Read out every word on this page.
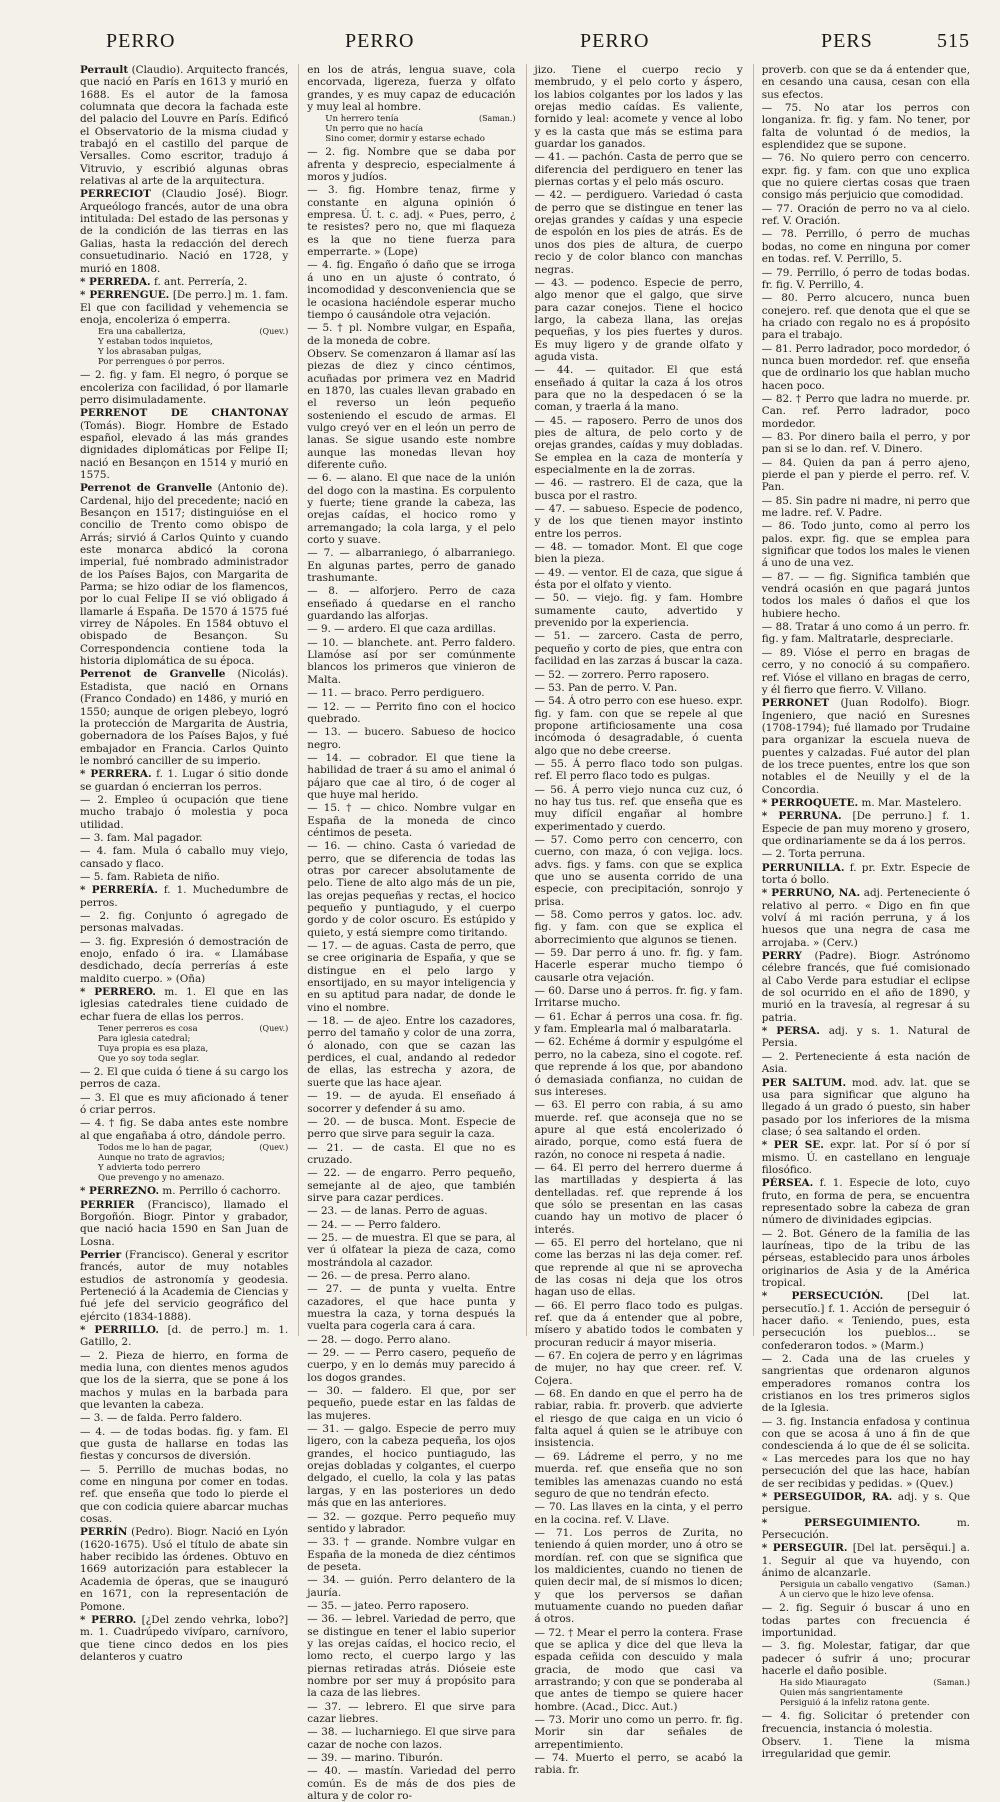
PERRO	PERRO	PERRO	PERS	515

Perrault (Claudio). Arquitecto francés, que nació en París en 1613 y murió en 1688. Es el autor de la famosa columnata que decora la fachada este del palacio del Louvre en París. Edificó el Observatorio de la misma ciudad y trabajó en el castillo del parque de Versalles. Como escritor, tradujo á Vitruvio, y escribió algunas obras relativas al arte de la arquitectura.

PERRECIOT (Claudio José). Biogr. Arqueólogo francés, autor de una obra intitulada: Del estado de las personas y de la condición de las tierras en las Galias, hasta la redacción del derech consuetudinario. Nació en 1728, y murió en 1808.

* PERREDA. f. ant. Perrería, 2.

* PERRENGUE. [De perro.] m. 1. fam. El que con facilidad y vehemencia se enoja, encoleriza ó emperra.

(Quev.)
Era una caballeriza,
Y estaban todos inquietos,
Y los abrasaban pulgas,
Por perrengues ó por perros.

— 2. fig. y fam. El negro, ó porque se encoleriza con facilidad, ó por llamarle perro disimuladamente.

PERRENOT DE CHANTONAY (Tomás). Biogr. Hombre de Estado español, elevado á las más grandes dignidades diplomáticas por Felipe II; nació en Besançon en 1514 y murió en 1575.

Perrenot de Granvelle (Antonio de). Cardenal, hijo del precedente; nació en Besançon en 1517; distinguióse en el concilio de Trento como obispo de Arrás; sirvió á Carlos Quinto y cuando este monarca abdicó la corona imperial, fué nombrado administrador de los Países Bajos, con Margarita de Parma; se hizo odiar de los flamencos, por lo cual Felipe II se vió obligado á llamarle á España. De 1570 á 1575 fué virrey de Nápoles. En 1584 obtuvo el obispado de Besançon. Su Correspondencia contiene toda la historia diplomática de su época.

Perrenot de Granvelle (Nicolás). Estadista, que nació en Ornans (Franco Condado) en 1486, y murió en 1550; aunque de origen plebeyo, logró la protección de Margarita de Austria, gobernadora de los Países Bajos, y fué embajador en Francia. Carlos Quinto le nombró canciller de su imperio.

* PERRERA. f. 1. Lugar ó sitio donde se guardan ó encierran los perros.

— 2. Empleo ú ocupación que tiene mucho trabajo ó molestia y poca utilidad.

— 3. fam. Mal pagador.

— 4. fam. Mula ó caballo muy viejo, cansado y flaco.

— 5. fam. Rabieta de niño.

* PERRERÍA. f. 1. Muchedumbre de perros.

— 2. fig. Conjunto ó agregado de personas malvadas.

— 3. fig. Expresión ó demostración de enojo, enfado ó ira. « Llamábase desdichado, decía perrerías á este maldito cuerpo. » (Oña)

* PERRERO. m. 1. El que en las iglesias catedrales tiene cuidado de echar fuera de ellas los perros.

(Quev.)
Tener perreros es cosa
Para iglesia catedral;
Tuya propia es esa plaza,
Que yo soy toda seglar.

— 2. El que cuida ó tiene á su cargo los perros de caza.

— 3. El que es muy aficionado á tener ó criar perros.

— 4. † fig. Se daba antes este nombre al que engañaba á otro, dándole perro.

(Quev.)
Todos me lo han de pagar,
Aunque no trato de agravios;
Y advierta todo perrero
Que prevengo y no amenazo.

* PERREZNO. m. Perrillo ó cachorro.

PERRIER (Francisco), llamado el Borgoñón. Biogr. Pintor y grabador, que nació hacia 1590 en San Juan de Losna.

Perrier (Francisco). General y escritor francés, autor de muy notables estudios de astronomía y geodesia. Perteneció á la Academia de Ciencias y fué jefe del servicio geográfico del ejército (1834-1888).

* PERRILLO. [d. de perro.] m. 1. Gatillo, 2.

— 2. Pieza de hierro, en forma de media luna, con dientes menos agudos que los de la sierra, que se pone á los machos y mulas en la barbada para que levanten la cabeza.

— 3. — de falda. Perro faldero.

— 4. — de todas bodas. fig. y fam. El que gusta de hallarse en todas las fiestas y concursos de diversión.

— 5. Perrillo de muchas bodas, no come en ninguna por comer en todas. ref. que enseña que todo lo pierde el que con codicia quiere abarcar muchas cosas.

PERRÍN (Pedro). Biogr. Nació en Lyón (1620-1675). Usó el título de abate sin haber recibido las órdenes. Obtuvo en 1669 autorización para establecer la Academia de óperas, que se inauguró en 1671, con la representación de Pomone.

* PERRO. [¿Del zendo vehrka, lobo?] m. 1. Cuadrúpedo vivíparo, carnívoro, que tiene cinco dedos en los pies delanteros y cuatro

en los de atrás, lengua suave, cola encorvada, ligereza, fuerza y olfato grandes, y es muy capaz de educación y muy leal al hombre.

(Saman.)
Un herrero tenía
Un perro que no hacía
Sino comer, dormir y estarse echado

— 2. fig. Nombre que se daba por afrenta y desprecio, especialmente á moros y judíos.

— 3. fig. Hombre tenaz, firme y constante en alguna opinión ó empresa. Ú. t. c. adj. « Pues, perro, ¿ te resistes? pero no, que mi flaqueza es la que no tiene fuerza para emperrarte. » (Lope)

— 4. fig. Engaño ó daño que se irroga á uno en un ajuste ó contrato, ó incomodidad y desconveniencia que se le ocasiona haciéndole esperar mucho tiempo ó causándole otra vejación.

— 5. † pl. Nombre vulgar, en España, de la moneda de cobre.

Observ. Se comenzaron á llamar así las piezas de diez y cinco céntimos, acuñadas por primera vez en Madrid en 1870, las cuales llevan grabado en el reverso un león pequeño sosteniendo el escudo de armas. El vulgo creyó ver en el león un perro de lanas. Se sigue usando este nombre aunque las monedas llevan hoy diferente cuño.

— 6. — alano. El que nace de la unión del dogo con la mastina. Es corpulento y fuerte; tiene grande la cabeza, las orejas caídas, el hocico romo y arremangado; la cola larga, y el pelo corto y suave.

— 7. — albarraniego, ó albarraniego. En algunas partes, perro de ganado trashumante.

— 8. — alforjero. Perro de caza enseñado á quedarse en el rancho guardando las alforjas.

— 9. — ardero. El que caza ardillas.

— 10. — blanchete. ant. Perro faldero. Llamóse así por ser comúnmente blancos los primeros que vinieron de Malta.

— 11. — braco. Perro perdiguero.

— 12. — — Perrito fino con el hocico quebrado.

— 13. — bucero. Sabueso de hocico negro.

— 14. — cobrador. El que tiene la habilidad de traer á su amo el animal ó pájaro que cae al tiro, ó de coger al que huye mal herido.

— 15. † — chico. Nombre vulgar en España de la moneda de cinco céntimos de peseta.

— 16. — chino. Casta ó variedad de perro, que se diferencia de todas las otras por carecer absolutamente de pelo. Tiene de alto algo más de un pie, las orejas pequeñas y rectas, el hocico pequeño y puntiagudo, y el cuerpo gordo y de color oscuro. Es estúpido y quieto, y está siempre como tiritando.

— 17. — de aguas. Casta de perro, que se cree originaria de España, y que se distingue en el pelo largo y ensortijado, en su mayor inteligencia y en su aptitud para nadar, de donde le vino el nombre.

— 18. — de ajeo. Entre los cazadores, perro del tamaño y color de una zorra, ó alonado, con que se cazan las perdices, el cual, andando al rededor de ellas, las estrecha y azora, de suerte que las hace ajear.

— 19. — de ayuda. El enseñado á socorrer y defender á su amo.

— 20. — de busca. Mont. Especie de perro que sirve para seguir la caza.

— 21. — de casta. El que no es cruzado.

— 22. — de engarro. Perro pequeño, semejante al de ajeo, que también sirve para cazar perdices.

— 23. — de lanas. Perro de aguas.

— 24. — — Perro faldero.

— 25. — de muestra. El que se para, al ver ú olfatear la pieza de caza, como mostrándola al cazador.

— 26. — de presa. Perro alano.

— 27. — de punta y vuelta. Entre cazadores, el que hace punta y muestra la caza, y torna después la vuelta para cogerla cara á cara.

— 28. — dogo. Perro alano.

— 29. — — Perro casero, pequeño de cuerpo, y en lo demás muy parecido á los dogos grandes.

— 30. — faldero. El que, por ser pequeño, puede estar en las faldas de las mujeres.

— 31. — galgo. Especie de perro muy ligero, con la cabeza pequeña, los ojos grandes, el hocico puntiagudo, las orejas dobladas y colgantes, el cuerpo delgado, el cuello, la cola y las patas largas, y en las posteriores un dedo más que en las anteriores.

— 32. — gozque. Perro pequeño muy sentido y labrador.

— 33. † — grande. Nombre vulgar en España de la moneda de diez céntimos de peseta.

— 34. — guión. Perro delantero de la jauría.

— 35. — jateo. Perro raposero.

— 36. — lebrel. Variedad de perro, que se distingue en tener el labio superior y las orejas caídas, el hocico recio, el lomo recto, el cuerpo largo y las piernas retiradas atrás. Dióseie este nombre por ser muy á propósito para la caza de las liebres.

— 37. — lebrero. El que sirve para cazar liebres.

— 38. — lucharniego. El que sirve para cazar de noche con lazos.

— 39. — marino. Tiburón.

— 40. — mastín. Variedad del perro común. Es de más de dos pies de altura y de color ro-

jizo. Tiene el cuerpo recio y membrudo, y el pelo corto y áspero, los labios colgantes por los lados y las orejas medio caídas. Es valiente, fornido y leal: acomete y vence al lobo y es la casta que más se estima para guardar los ganados.

— 41. — pachón. Casta de perro que se diferencia del perdiguero en tener las piernas cortas y el pelo más oscuro.

— 42. — perdiguero. Variedad ó casta de perro que se distingue en tener las orejas grandes y caídas y una especie de espolón en los pies de atrás. Es de unos dos pies de altura, de cuerpo recio y de color blanco con manchas negras.

— 43. — podenco. Especie de perro, algo menor que el galgo, que sirve para cazar conejos. Tiene el hocico largo, la cabeza llana, las orejas pequeñas, y los pies fuertes y duros. Es muy ligero y de grande olfato y aguda vista.

— 44. — quitador. El que está enseñado á quitar la caza á los otros para que no la despedacen ó se la coman, y traerla á la mano.

— 45. — raposero. Perro de unos dos pies de altura, de pelo corto y de orejas grandes, caídas y muy dobladas. Se emplea en la caza de montería y especialmente en la de zorras.

— 46. — rastrero. El de caza, que la busca por el rastro.

— 47. — sabueso. Especie de podenco, y de los que tienen mayor instinto entre los perros.

— 48. — tomador. Mont. El que coge bien la pieza.

— 49. — ventor. El de caza, que sigue á ésta por el olfato y viento.

— 50. — viejo. fig. y fam. Hombre sumamente cauto, advertido y prevenido por la experiencia.

— 51. — zarcero. Casta de perro, pequeño y corto de pies, que entra con facilidad en las zarzas á buscar la caza.

— 52. — zorrero. Perro raposero.

— 53. Pan de perro. V. Pan.

— 54. Á otro perro con ese hueso. expr. fig. y fam. con que se repele al que propone artificiosamente una cosa incómoda ó desagradable, ó cuenta algo que no debe creerse.

— 55. Á perro flaco todo son pulgas. ref. El perro flaco todo es pulgas.

— 56. Á perro viejo nunca cuz cuz, ó no hay tus tus. ref. que enseña que es muy difícil engañar al hombre experimentado y cuerdo.

— 57. Como perro con cencerro, con cuerno, con maza, ó con vejiga. locs. advs. figs. y fams. con que se explica que uno se ausenta corrido de una especie, con precipitación, sonrojo y prisa.

— 58. Como perros y gatos. loc. adv. fig. y fam. con que se explica el aborrecimiento que algunos se tienen.

— 59. Dar perro á uno. fr. fig. y fam. Hacerle esperar mucho tiempo ó causarle otra vejación.

— 60. Darse uno á perros. fr. fig. y fam. Irritarse mucho.

— 61. Echar á perros una cosa. fr. fig. y fam. Emplearla mal ó malbaratarla.

— 62. Echéme á dormir y espulgóme el perro, no la cabeza, sino el cogote. ref. que reprende á los que, por abandono ó demasiada confianza, no cuidan de sus intereses.

— 63. El perro con rabia, á su amo muerde. ref. que aconseja que no se apure al que está encolerizado ó airado, porque, como está fuera de razón, no conoce ni respeta á nadie.

— 64. El perro del herrero duerme á las martilladas y despierta á las dentelladas. ref. que reprende á los que sólo se presentan en las casas cuando hay un motivo de placer ó interés.

— 65. El perro del hortelano, que ni come las berzas ni las deja comer. ref. que reprende al que ni se aprovecha de las cosas ni deja que los otros hagan uso de ellas.

— 66. El perro flaco todo es pulgas. ref. que da á entender que al pobre, mísero y abatido todos le combaten y procuran reducir á mayor miseria.

— 67. En cojera de perro y en lágrimas de mujer, no hay que creer. ref. V. Cojera.

— 68. En dando en que el perro ha de rabiar, rabia. fr. proverb. que advierte el riesgo de que caiga en un vicio ó falta aquel á quien se le atribuye con insistencia.

— 69. Ládreme el perro, y no me muerda. ref. que enseña que no son temibles las amenazas cuando no está seguro de que no tendrán efecto.

— 70. Las llaves en la cinta, y el perro en la cocina. ref. V. Llave.

— 71. Los perros de Zurita, no teniendo á quien morder, uno á otro se mordían. ref. con que se significa que los maldicientes, cuando no tienen de quien decir mal, de sí mismos lo dicen; y que los perversos se dañan mutuamente cuando no pueden dañar á otros.

— 72. † Mear el perro la contera. Frase que se aplica y dice del que lleva la espada ceñida con descuido y mala gracia, de modo que casi va arrastrando; y con que se ponderaba al que antes de tiempo se quiere hacer hombre. (Acad., Dicc. Aut.)

— 73. Morir uno como un perro. fr. fig. Morir sin dar señales de arrepentimiento.

— 74. Muerto el perro, se acabó la rabia. fr.

proverb. con que se da á entender que, en cesando una causa, cesan con ella sus efectos.

— 75. No atar los perros con longaniza. fr. fig. y fam. No tener, por falta de voluntad ó de medios, la esplendidez que se supone.

— 76. No quiero perro con cencerro. expr. fig. y fam. con que uno explica que no quiere ciertas cosas que traen consigo más perjuicio que comodidad.

— 77. Oración de perro no va al cielo. ref. V. Oración.

— 78. Perrillo, ó perro de muchas bodas, no come en ninguna por comer en todas. ref. V. Perrillo, 5.

— 79. Perrillo, ó perro de todas bodas. fr. fig. V. Perrillo, 4.

— 80. Perro alcucero, nunca buen conejero. ref. que denota que el que se ha criado con regalo no es á propósito para el trabajo.

— 81. Perro ladrador, poco mordedor, ó nunca buen mordedor. ref. que enseña que de ordinario los que hablan mucho hacen poco.

— 82. † Perro que ladra no muerde. pr. Can. ref. Perro ladrador, poco mordedor.

— 83. Por dinero baila el perro, y por pan si se lo dan. ref. V. Dinero.

— 84. Quien da pan á perro ajeno, pierde el pan y pierde el perro. ref. V. Pan.

— 85. Sin padre ni madre, ni perro que me ladre. ref. V. Padre.

— 86. Todo junto, como al perro los palos. expr. fig. que se emplea para significar que todos los males le vienen á uno de una vez.

— 87. — — fig. Significa también que vendrá ocasión en que pagará juntos todos los males ó daños el que los hubiere hecho.

— 88. Tratar á uno como á un perro. fr. fig. y fam. Maltratarle, despreciarle.

— 89. Vióse el perro en bragas de cerro, y no conoció á su compañero. ref. Vióse el villano en bragas de cerro, y él fierro que fierro. V. Villano.

PERRONET (Juan Rodolfo). Biogr. Ingeniero, que nació en Suresnes (1708-1794); fué llamado por Trudaine para organizar la escuela nueva de puentes y calzadas. Fué autor del plan de los trece puentes, entre los que son notables el de Neuilly y el de la Concordia.

* PERROQUETE. m. Mar. Mastelero.

* PERRUNA. [De perruno.] f. 1. Especie de pan muy moreno y grosero, que ordinariamente se da á los perros.

— 2. Torta perruna.

PERRUNILLA. f. pr. Extr. Especie de torta ó bollo.

* PERRUNO, NA. adj. Perteneciente ó relativo al perro. « Digo en fin que volví á mi ración perruna, y á los huesos que una negra de casa me arrojaba. » (Cerv.)

PERRY (Padre). Biogr. Astrónomo célebre francés, que fué comisionado al Cabo Verde para estudiar el eclipse de sol ocurrido en el año de 1890, y murió en la travesía, al regresar á su patria.

* PERSA. adj. y s. 1. Natural de Persia.

— 2. Perteneciente á esta nación de Asia.

PER SALTUM. mod. adv. lat. que se usa para significar que alguno ha llegado á un grado ó puesto, sin haber pasado por los inferiores de la misma clase; ó sea saltando el orden.

* PER SE. expr. lat. Por sí ó por sí mismo. Ú. en castellano en lenguaje filosófico.

PÉRSEA. f. 1. Especie de loto, cuyo fruto, en forma de pera, se encuentra representado sobre la cabeza de gran número de divinidades egipcias.

— 2. Bot. Género de la familia de las lauríneas, tipo de la tribu de las pérseas, establecido para unos árboles originarios de Asia y de la América tropical.

* PERSECUCIÓN. [Del lat. persecutĭo.] f. 1. Acción de perseguir ó hacer daño. « Teniendo, pues, esta persecución los pueblos... se confederaron todos. » (Marm.)

— 2. Cada una de las crueles y sangrientas que ordenaron algunos emperadores romanos contra los cristianos en los tres primeros siglos de la Iglesia.

— 3. fig. Instancia enfadosa y continua con que se acosa á uno á fin de que condescienda á lo que de él se solicita. « Las mercedes para los que no hay persecución del que las hace, habían de ser recibidas y pedidas. » (Quev.)

* PERSEGUIDOR, RA. adj. y s. Que persigue.

* PERSEGUIMIENTO. m. Persecución.

* PERSEGUIR. [Del lat. persĕqui.] a. 1. Seguir al que va huyendo, con ánimo de alcanzarle.

(Saman.)
Persiguia un caballo vengativo
Á un ciervo que le hizo leve ofensa.

— 2. fig. Seguir ó buscar á uno en todas partes con frecuencia é importunidad.

— 3. fig. Molestar, fatigar, dar que padecer ó sufrir á uno; procurar hacerle el daño posible.

(Saman.)
Ha sido Miauragato
Quien más sangrientamente
Persiguió á la infeliz ratona gente.

— 4. fig. Solicitar ó pretender con frecuencia, instancia ó molestia.

Observ. 1. Tiene la misma irregularidad que gemir.
